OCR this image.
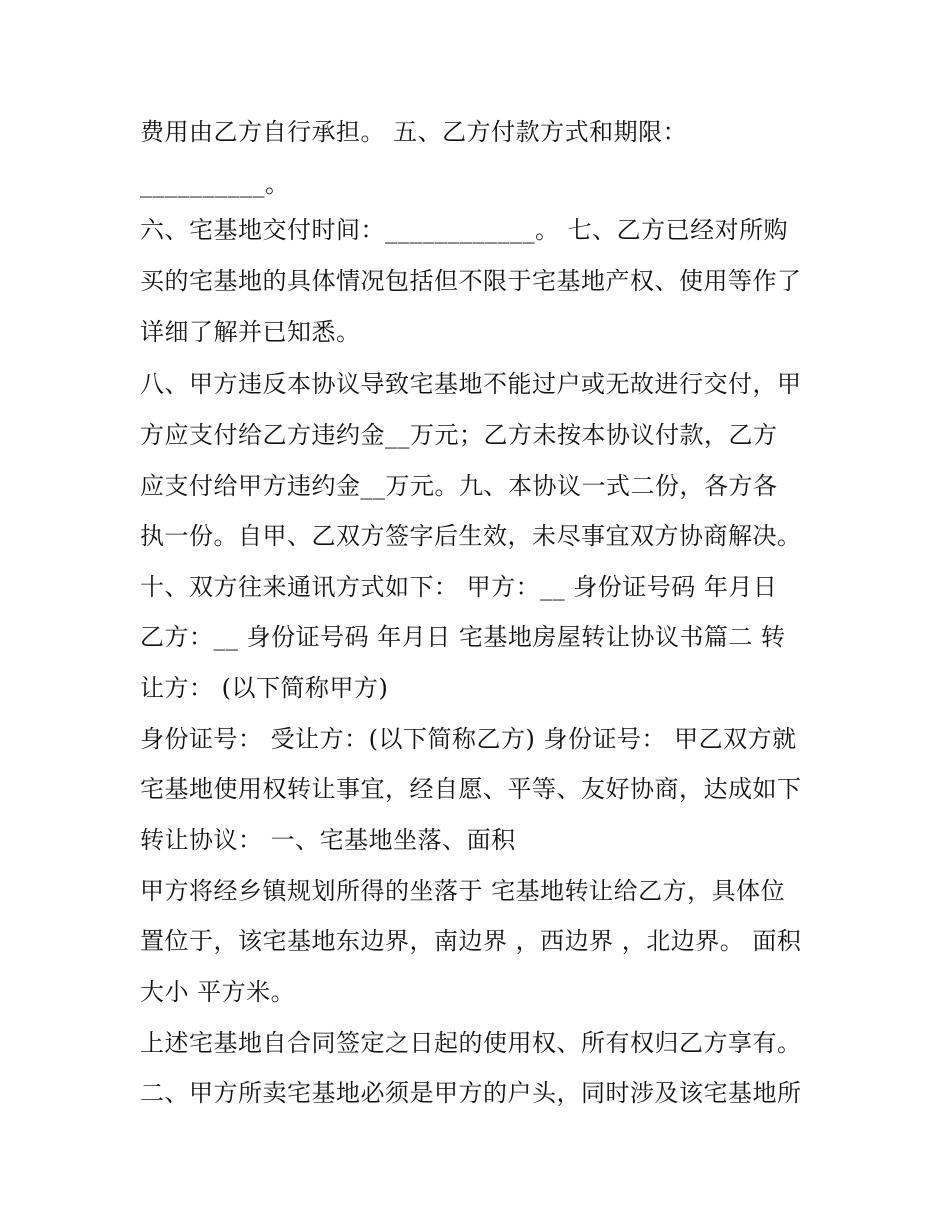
费用由乙方自行承担。 五、乙方付款方式和期限：
__________。
六、宅基地交付时间：____________。 七、乙方已经对所购
买的宅基地的具体情况包括但不限于宅基地产权、使用等作了
详细了解并已知悉。
八、甲方违反本协议导致宅基地不能过户或无故进行交付，甲
方应支付给乙方违约金__万元；乙方未按本协议付款，乙方
应支付给甲方违约金__万元。九、本协议一式二份，各方各
执一份。自甲、乙双方签字后生效，未尽事宜双方协商解决。
十、双方往来通讯方式如下： 甲方：__ 身份证号码 年月日
乙方：__ 身份证号码 年月日 宅基地房屋转让协议书篇二 转
让方： (以下简称甲方)
身份证号： 受让方：(以下简称乙方) 身份证号： 甲乙双方就
宅基地使用权转让事宜，经自愿、平等、友好协商，达成如下
转让协议： 一、宅基地坐落、面积
甲方将经乡镇规划所得的坐落于 宅基地转让给乙方，具体位
置位于，该宅基地东边界，南边界 ，西边界 ，北边界。 面积
大小 平方米。
上述宅基地自合同签定之日起的使用权、所有权归乙方享有。
二、甲方所卖宅基地必须是甲方的户头，同时涉及该宅基地所
